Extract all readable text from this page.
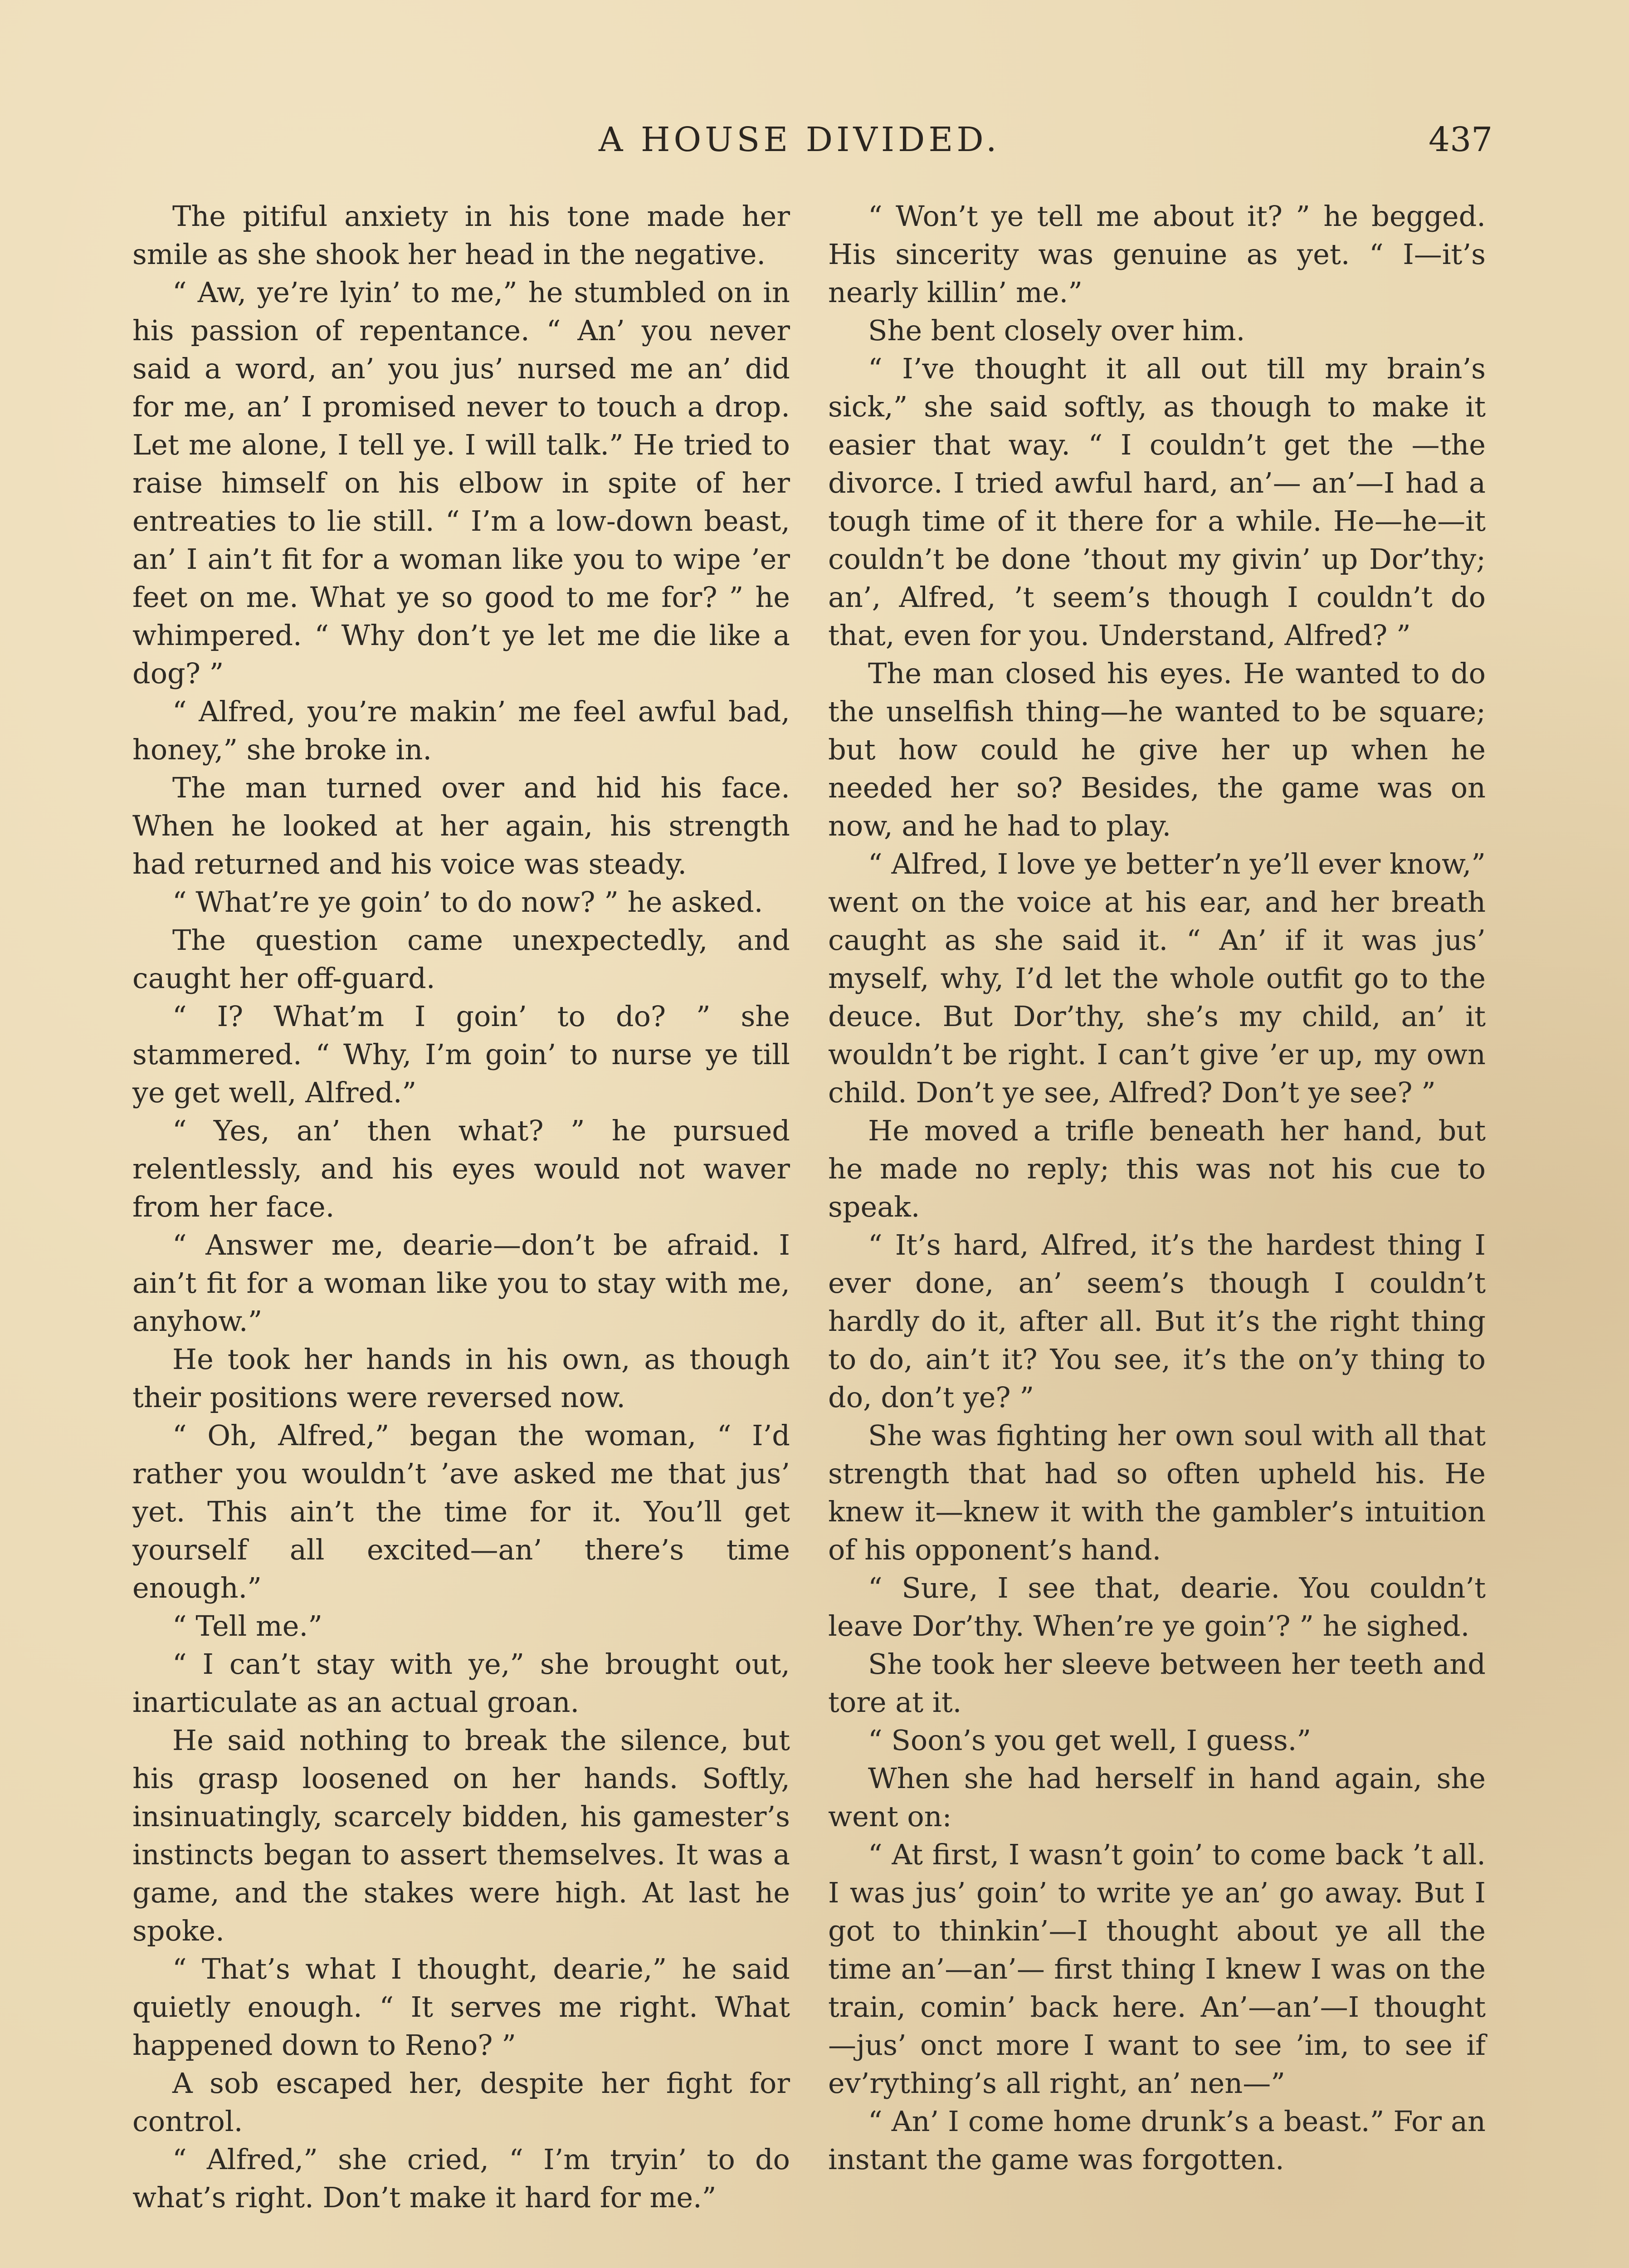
A HOUSE DIVIDED.	437

The pitiful anxiety in his tone made her smile as she shook her head in the negative.

“ Aw, ye’re lyin’ to me,” he stumbled on in his passion of repentance. “ An’ you never said a word, an’ you jus’ nursed me an’ did for me, an’ I promised never to touch a drop. Let me alone, I tell ye. I will talk.” He tried to raise himself on his elbow in spite of her entreaties to lie still. “ I’m a low-down beast, an’ I ain’t fit for a woman like you to wipe ’er feet on me. What ye so good to me for? ” he whimpered. “ Why don’t ye let me die like a dog? ”

“ Alfred, you’re makin’ me feel awful bad, honey,” she broke in.

The man turned over and hid his face. When he looked at her again, his strength had returned and his voice was steady.

“ What’re ye goin’ to do now? ” he asked.

The question came unexpectedly, and caught her off-guard.

“ I? What’m I goin’ to do? ” she stammered. “ Why, I’m goin’ to nurse ye till ye get well, Alfred.”

“ Yes, an’ then what? ” he pursued relentlessly, and his eyes would not waver from her face.

“ Answer me, dearie—don’t be afraid. I ain’t fit for a woman like you to stay with me, anyhow.”

He took her hands in his own, as though their positions were reversed now.

“ Oh, Alfred,” began the woman, “ I’d rather you wouldn’t ’ave asked me that jus’ yet. This ain’t the time for it. You’ll get yourself all excited—an’ there’s time enough.”

“ Tell me.”

“ I can’t stay with ye,” she brought out, inarticulate as an actual groan.

He said nothing to break the silence, but his grasp loosened on her hands. Softly, insinuatingly, scarcely bidden, his gamester’s instincts began to assert themselves. It was a game, and the stakes were high. At last he spoke.

“ That’s what I thought, dearie,” he said quietly enough. “ It serves me right. What happened down to Reno? ”

A sob escaped her, despite her fight for control.

“ Alfred,” she cried, “ I’m tryin’ to do what’s right. Don’t make it hard for me.”

“ Won’t ye tell me about it? ” he begged. His sincerity was genuine as yet. “ I—it’s nearly killin’ me.”

She bent closely over him.

“ I’ve thought it all out till my brain’s sick,” she said softly, as though to make it easier that way. “ I couldn’t get the —the divorce. I tried awful hard, an’— an’—I had a tough time of it there for a while. He—he—it couldn’t be done ’thout my givin’ up Dor’thy; an’, Alfred, ’t seem’s though I couldn’t do that, even for you. Understand, Alfred? ”

The man closed his eyes. He wanted to do the unselfish thing—he wanted to be square; but how could he give her up when he needed her so? Besides, the game was on now, and he had to play.

“ Alfred, I love ye better’n ye’ll ever know,” went on the voice at his ear, and her breath caught as she said it. “ An’ if it was jus’ myself, why, I’d let the whole outfit go to the deuce. But Dor’thy, she’s my child, an’ it wouldn’t be right. I can’t give ’er up, my own child. Don’t ye see, Alfred? Don’t ye see? ”

He moved a trifle beneath her hand, but he made no reply; this was not his cue to speak.

“ It’s hard, Alfred, it’s the hardest thing I ever done, an’ seem’s though I couldn’t hardly do it, after all. But it’s the right thing to do, ain’t it? You see, it’s the on’y thing to do, don’t ye? ”

She was fighting her own soul with all that strength that had so often upheld his. He knew it—knew it with the gambler’s intuition of his opponent’s hand.

“ Sure, I see that, dearie. You couldn’t leave Dor’thy. When’re ye goin’? ” he sighed.

She took her sleeve between her teeth and tore at it.

“ Soon’s you get well, I guess.”

When she had herself in hand again, she went on:

“ At first, I wasn’t goin’ to come back ’t all. I was jus’ goin’ to write ye an’ go away. But I got to thinkin’—I thought about ye all the time an’—an’— first thing I knew I was on the train, comin’ back here. An’—an’—I thought —jus’ onct more I want to see ’im, to see if ev’rything’s all right, an’ nen—”

“ An’ I come home drunk’s a beast.” For an instant the game was forgotten.
